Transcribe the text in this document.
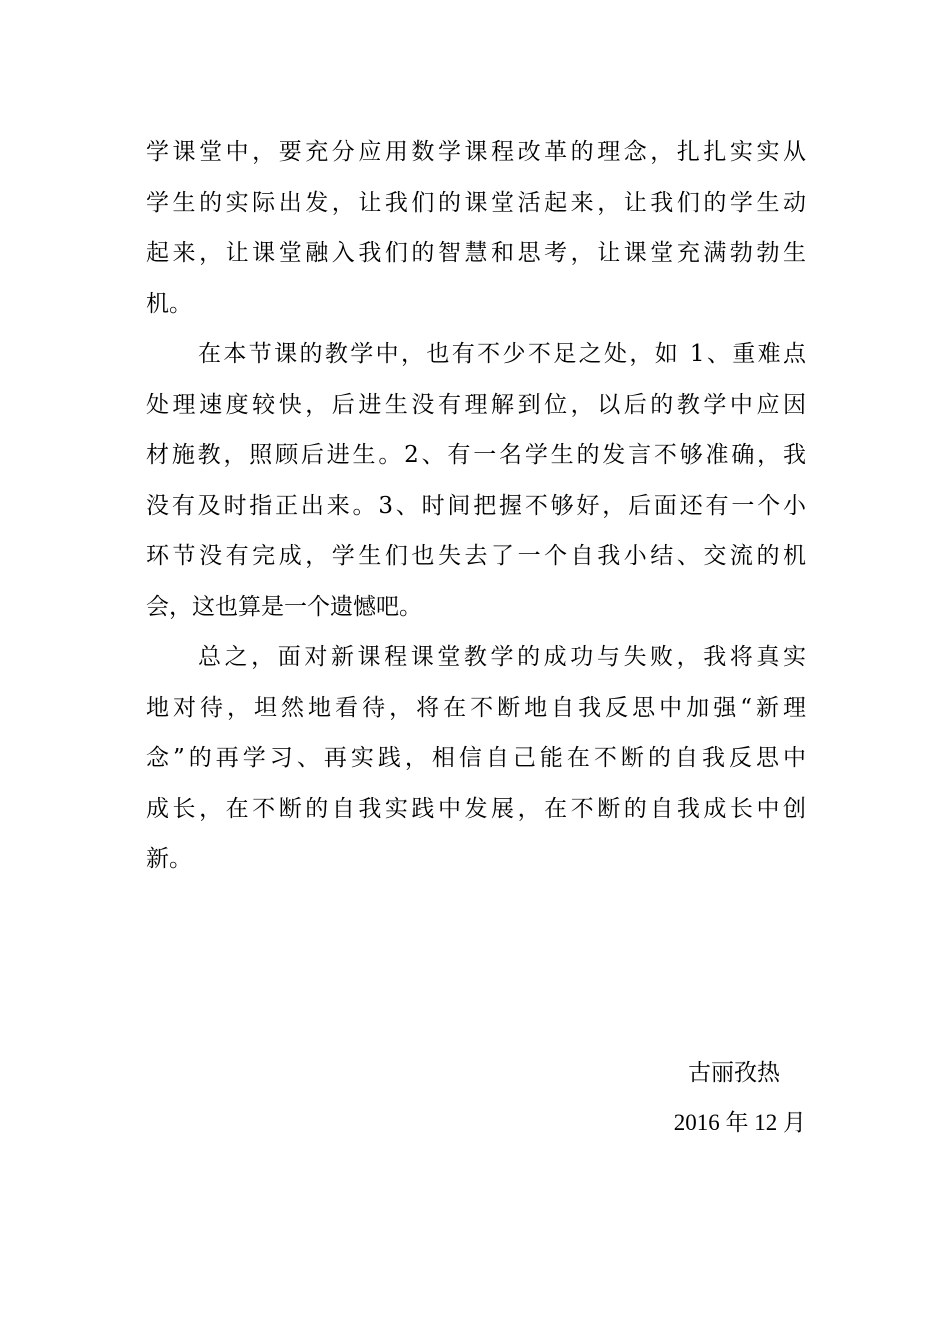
学课堂中，要充分应用数学课程改革的理念，扎扎实实从
学生的实际出发，让我们的课堂活起来，让我们的学生动
起来，让课堂融入我们的智慧和思考，让课堂充满勃勃生
机。
在本节课的教学中，也有不少不足之处，如 1、重难点
处理速度较快，后进生没有理解到位，以后的教学中应因
材施教，照顾后进生。2、有一名学生的发言不够准确，我
没有及时指正出来。3、时间把握不够好，后面还有一个小
环节没有完成，学生们也失去了一个自我小结、交流的机
会，这也算是一个遗憾吧。
总之，面对新课程课堂教学的成功与失败，我将真实
地对待，坦然地看待，将在不断地自我反思中加强“新理
念”的再学习、再实践，相信自己能在不断的自我反思中
成长，在不断的自我实践中发展，在不断的自我成长中创
新。
古丽孜热
2016 年 12 月
